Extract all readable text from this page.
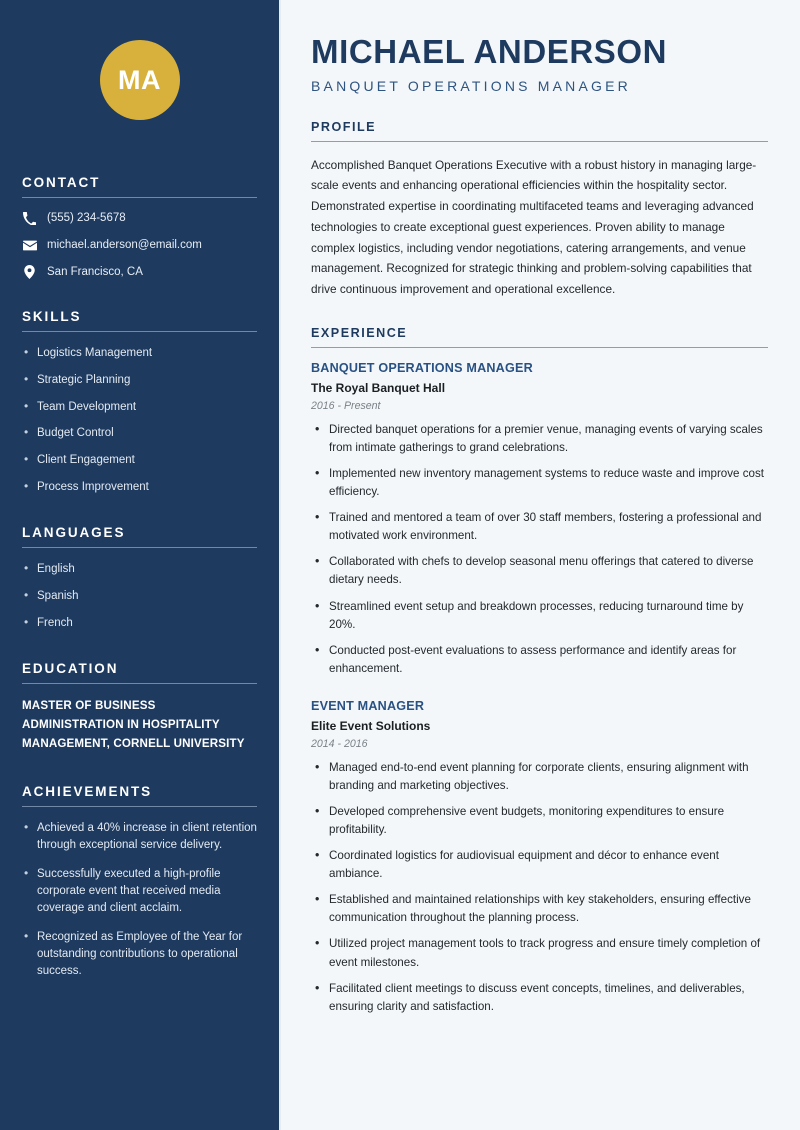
MA
CONTACT
(555) 234-5678
michael.anderson@email.com
San Francisco, CA
SKILLS
• Logistics Management
• Strategic Planning
• Team Development
• Budget Control
• Client Engagement
• Process Improvement
LANGUAGES
• English
• Spanish
• French
EDUCATION
MASTER OF BUSINESS ADMINISTRATION IN HOSPITALITY MANAGEMENT, CORNELL UNIVERSITY
ACHIEVEMENTS
• Achieved a 40% increase in client retention through exceptional service delivery.
• Successfully executed a high-profile corporate event that received media coverage and client acclaim.
• Recognized as Employee of the Year for outstanding contributions to operational success.
MICHAEL ANDERSON
BANQUET OPERATIONS MANAGER
PROFILE

Accomplished Banquet Operations Executive with a robust history in managing large-scale events and enhancing operational efficiencies within the hospitality sector. Demonstrated expertise in coordinating multifaceted teams and leveraging advanced technologies to create exceptional guest experiences. Proven ability to manage complex logistics, including vendor negotiations, catering arrangements, and venue management. Recognized for strategic thinking and problem-solving capabilities that drive continuous improvement and operational excellence.

EXPERIENCE
BANQUET OPERATIONS MANAGER
The Royal Banquet Hall
2016 - Present
• Directed banquet operations for a premier venue, managing events of varying scales from intimate gatherings to grand celebrations.
• Implemented new inventory management systems to reduce waste and improve cost efficiency.
• Trained and mentored a team of over 30 staff members, fostering a professional and motivated work environment.
• Collaborated with chefs to develop seasonal menu offerings that catered to diverse dietary needs.
• Streamlined event setup and breakdown processes, reducing turnaround time by 20%.
• Conducted post-event evaluations to assess performance and identify areas for enhancement.
EVENT MANAGER
Elite Event Solutions
2014 - 2016
• Managed end-to-end event planning for corporate clients, ensuring alignment with branding and marketing objectives.
• Developed comprehensive event budgets, monitoring expenditures to ensure profitability.
• Coordinated logistics for audiovisual equipment and décor to enhance event ambiance.
• Established and maintained relationships with key stakeholders, ensuring effective communication throughout the planning process.
• Utilized project management tools to track progress and ensure timely completion of event milestones.
• Facilitated client meetings to discuss event concepts, timelines, and deliverables, ensuring clarity and satisfaction.
